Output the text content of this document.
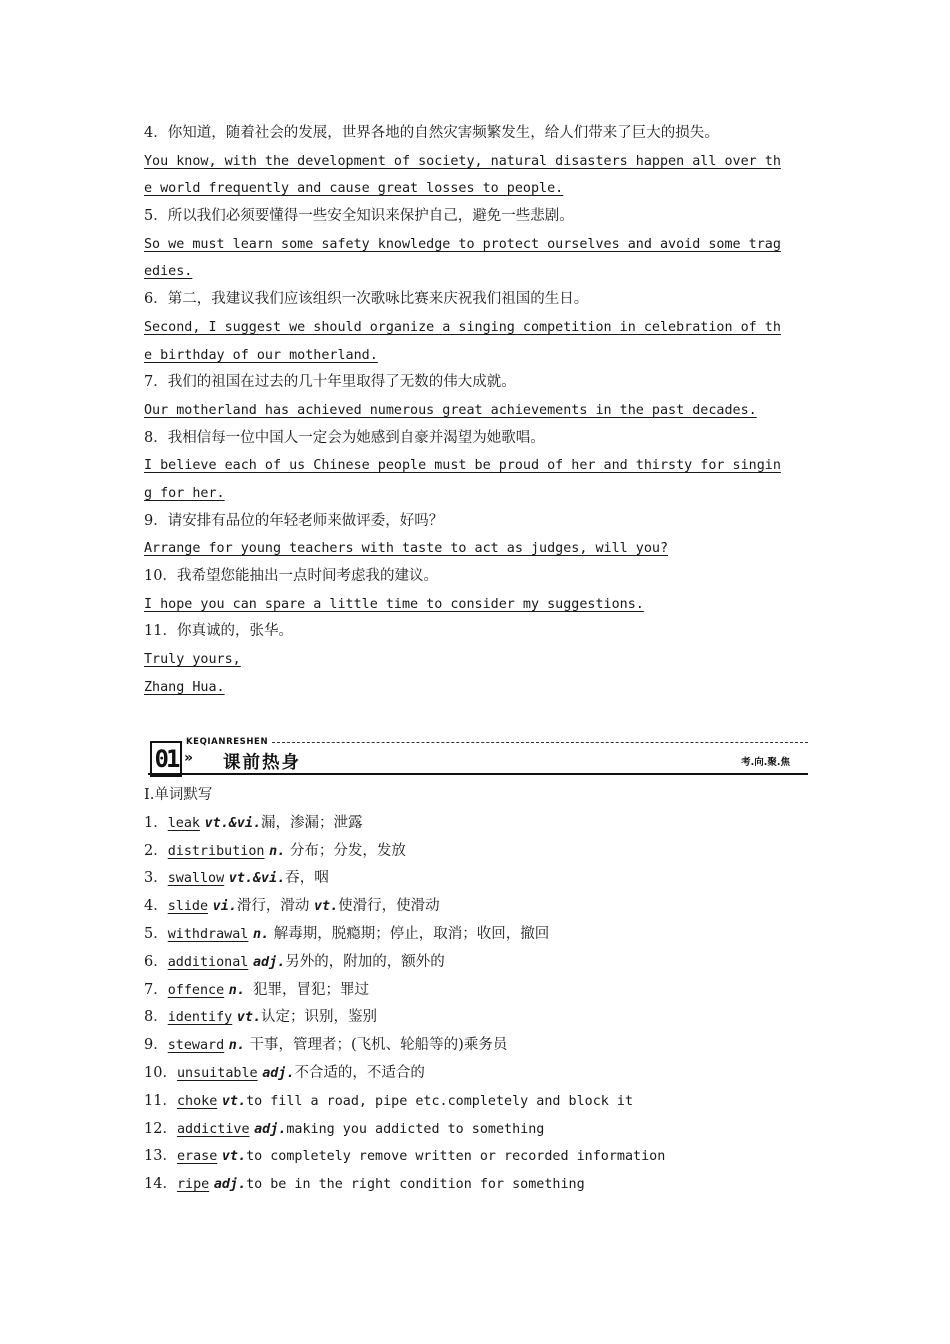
4．你知道，随着社会的发展，世界各地的自然灾害频繁发生，给人们带来了巨大的损失。
You know, with the development of society, natural disasters happen all over th
e world frequently and cause great losses to people.
5．所以我们必须要懂得一些安全知识来保护自己，避免一些悲剧。
So we must learn some safety knowledge to protect ourselves and avoid some trag
edies.
6．第二，我建议我们应该组织一次歌咏比赛来庆祝我们祖国的生日。
Second, I suggest we should organize a singing competition in celebration of th
e birthday of our motherland.
7．我们的祖国在过去的几十年里取得了无数的伟大成就。
Our motherland has achieved numerous great achievements in the past decades.
8．我相信每一位中国人一定会为她感到自豪并渴望为她歌唱。
I believe each of us Chinese people must be proud of her and thirsty for singin
g for her.
9．请安排有品位的年轻老师来做评委，好吗？
Arrange for young teachers with taste to act as judges, will you?
10．我希望您能抽出一点时间考虑我的建议。
I hope you can spare a little time to consider my suggestions.
11．你真诚的，张华。
Truly yours,
Zhang Hua.
KEQIANRESHEN
01 » 课前热身	考.向.聚.焦
Ⅰ.单词默写
1．leak vt.&vi.漏，渗漏；泄露
2．distribution n. 分布；分发，发放
3．swallow vt.&vi.吞，咽
4．slide vi.滑行，滑动 vt.使滑行，使滑动
5．withdrawal n. 解毒期，脱瘾期；停止，取消；收回，撤回
6．additional adj.另外的，附加的，额外的
7．offence n. 犯罪，冒犯；罪过
8．identify vt.认定；识别，鉴别
9．steward n. 干事，管理者；(飞机、轮船等的)乘务员
10．unsuitable adj.不合适的，不适合的
11．choke vt.to fill a road, pipe etc.completely and block it
12．addictive adj.making you addicted to something
13．erase vt.to completely remove written or recorded information
14．ripe adj.to be in the right condition for something
